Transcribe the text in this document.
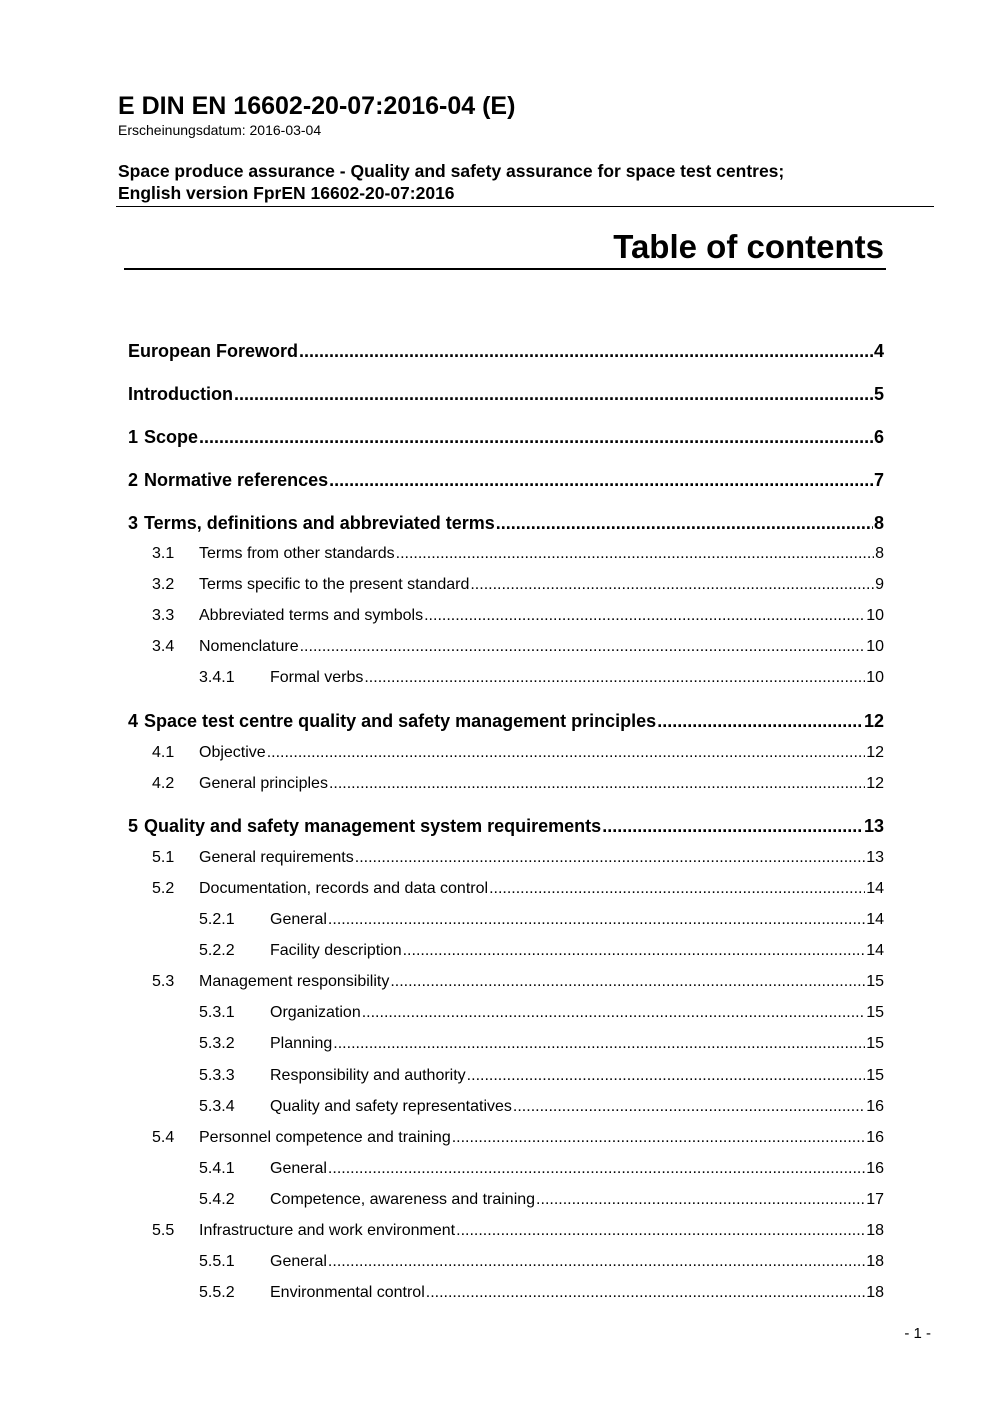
E DIN EN 16602-20-07:2016-04 (E)
Erscheinungsdatum: 2016-03-04
Space produce assurance - Quality and safety assurance for space test centres;
English version FprEN 16602-20-07:2016
Table of contents
European Foreword .....	4
Introduction .....	5
1 Scope .....	6
2 Normative references .....	7
3 Terms, definitions and abbreviated terms .....	8
3.1	Terms from other standards .....	8
3.2	Terms specific to the present standard .....	9
3.3	Abbreviated terms and symbols .....	10
3.4	Nomenclature .....	10
3.4.1	Formal verbs .....	10
4 Space test centre quality and safety management principles .....	12
4.1	Objective .....	12
4.2	General principles .....	12
5 Quality and safety management system requirements .....	13
5.1	General requirements .....	13
5.2	Documentation, records and data control .....	14
5.2.1	General .....	14
5.2.2	Facility description .....	14
5.3	Management responsibility .....	15
5.3.1	Organization .....	15
5.3.2	Planning .....	15
5.3.3	Responsibility and authority .....	15
5.3.4	Quality and safety representatives .....	16
5.4	Personnel competence and training .....	16
5.4.1	General .....	16
5.4.2	Competence, awareness and training .....	17
5.5	Infrastructure and work environment .....	18
5.5.1	General .....	18
5.5.2	Environmental control .....	18
- 1 -
